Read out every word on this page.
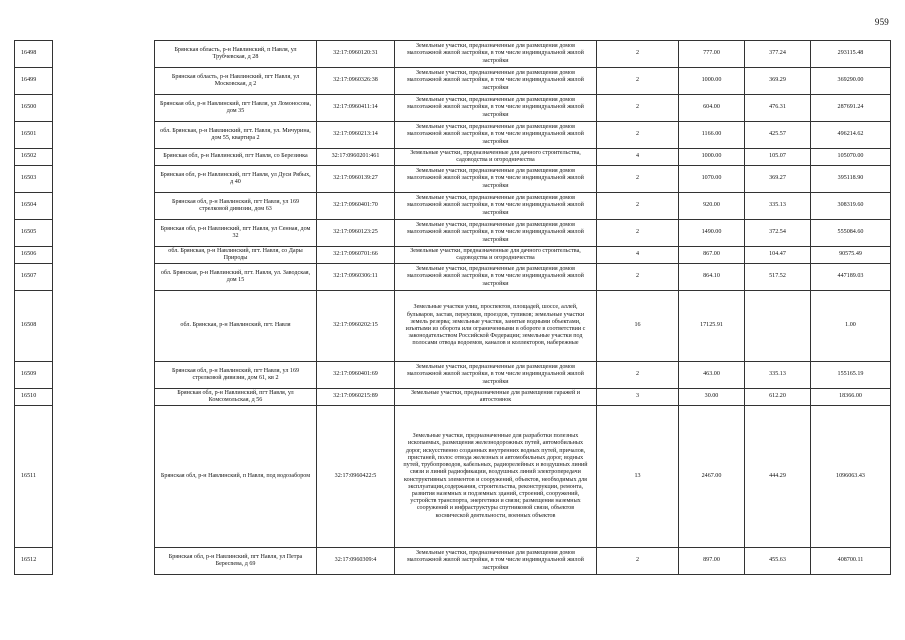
959
16498		Брянская область, р-н Навлинский, п Навля, ул Трубчевская, д 28	32:17:0960120:31	Земельные участки, предназначенные для размещения домов малоэтажной жилой застройки, в том числе индивидуальной жилой застройки	2	777.00	377.24	293115.48
16499		Брянская область, р-н Навлинский, пгт Навля, ул Московская, д 2	32:17:0960326:38	Земельные участки, предназначенные для размещения домов малоэтажной жилой застройки, в том числе индивидуальной жилой застройки	2	1000.00	369.29	369290.00
16500		Брянская обл, р-н Навлинский, пгт Навля, ул Ломоносова, дом 35	32:17:0960411:14	Земельные участки, предназначенные для размещения домов малоэтажной жилой застройки, в том числе индивидуальной жилой застройки	2	604.00	476.31	287691.24
16501		обл. Брянская, р-н Навлинский, пгт. Навля, ул. Мичурина, дом 55, квартира 2	32:17:0960213:14	Земельные участки, предназначенные для размещения домов малоэтажной жилой застройки, в том числе индивидуальной жилой застройки	2	1166.00	425.57	496214.62
16502		Брянская обл, р-н Навлинский, пгт Навля, сo Березинка	32:17:0960201:461	Земельные участки, предназначенные для дачного строительства, садоводства и огородничества	4	1000.00	105.07	105070.00
16503		Брянская обл, р-н Навлинский, пгт Навля, ул Дуси Рябых, д 40	32:17:0960139:27	Земельные участки, предназначенные для размещения домов малоэтажной жилой застройки, в том числе индивидуальной жилой застройки	2	1070.00	369.27	395118.90
16504		Брянская обл, р-н Навлинский, пгт Навля, ул 169 стрелковой дивизии, дом 63	32:17:0960401:70	Земельные участки, предназначенные для размещения домов малоэтажной жилой застройки, в том числе индивидуальной жилой застройки	2	920.00	335.13	308319.60
16505		Брянская обл, р-н Навлинский, пгт Навля, ул Сенная, дом 32	32:17:0960123:25	Земельные участки, предназначенные для размещения домов малоэтажной жилой застройки, в том числе индивидуальной жилой застройки	2	1490.00	372.54	555084.60
16506		обл. Брянская, р-н Навлинский, пгт. Навля, со Дары Природы	32:17:0960701:66	Земельные участки, предназначенные для дачного строительства, садоводства и огородничества	4	867.00	104.47	90575.49
16507		обл. Брянская, р-н Навлинский, пгт. Навля, ул. Заводская, дом 15	32:17:0960306:11	Земельные участки, предназначенные для размещения домов малоэтажной жилой застройки, в том числе индивидуальной жилой застройки	2	864.10	517.52	447189.03
16508		обл. Брянская, р-н Навлинский, пгт. Навля	32:17:0960202:15	Земельные участки улиц, проспектов, площадей, шоссе, аллей, бульваров, застав, переулков, проездов, тупиков; земельные участки земель резерва; земельные участки, занятые водными объектами, изъятыми из оборота или ограниченными в обороте в соответствии с законодательством Российской Федерации; земельные участки под полосами отвода водоемов, каналов и коллекторов, набережные	16	17125.91		1.00
16509		Брянская обл, р-н Навлинский, пгт Навля, ул 169 стрелковой дивизии, дом 61, кв 2	32:17:0960401:69	Земельные участки, предназначенные для размещения домов малоэтажной жилой застройки, в том числе индивидуальной жилой застройки	2	463.00	335.13	155165.19
16510		Брянская обл, р-н Навлинский, пгт Навля, ул Комсомольская, д 56	32:17:0960215:89	Земельные участки, предназначенные для размещения гаражей и автостоянок	3	30.00	612.20	18366.00
16511		Брянская обл, р-н Навлинский, п Навля, под водозабором	32:17:0960422:5	Земельные участки, предназначенные для разработки полезных ископаемых, размещения железнодорожных путей, автомобильных дорог, искусственно созданных внутренних водных путей, причалов, пристаней, полос отвода железных и автомобильных дорог, водных путей, трубопроводов, кабельных, радиорелейных и воздушных линий связи и линий радиофикации, воздушных линий электропередачи конструктивных элементов и сооружений, объектов, необходимых для эксплуатации,содержания, строительства, реконструкции, ремонта, развития наземных и подземных зданий, строений, сооружений, устройств транспорта, энергетики и связи; размещения наземных сооружений и инфраструктуры спутниковой связи, объектов космической деятельности, военных объектов	13	2467.00	444.29	1096063.43
16512		Брянская обл, р-н Навлинский, пгт Навля, ул Петра Бересnева, д 69	32:17:0960309:4	Земельные участки, предназначенные для размещения домов малоэтажной жилой застройки, в том числе индивидуальной жилой застройки	2	897.00	455.63	408700.11
